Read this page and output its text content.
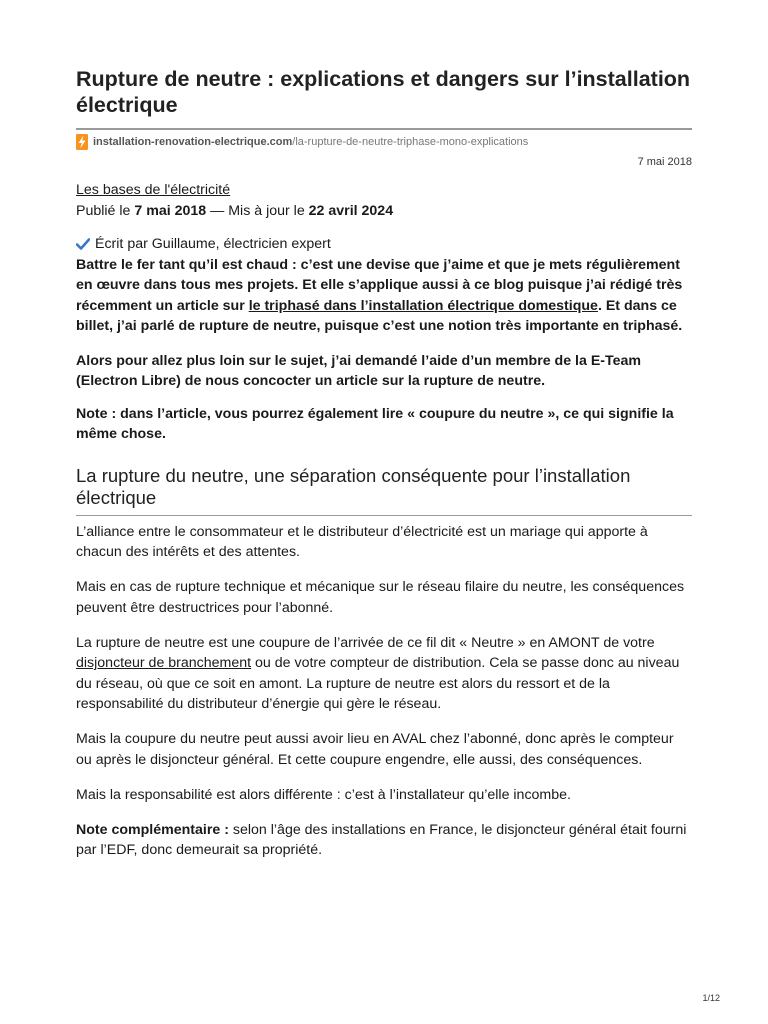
Rupture de neutre : explications et dangers sur l’installation électrique
installation-renovation-electrique.com /la-rupture-de-neutre-triphase-mono-explications
7 mai 2018

Les bases de l'électricité

Publié le 7 mai 2018 — Mis à jour le 22 avril 2024

Écrit par Guillaume, électricien expert

Battre le fer tant qu’il est chaud : c’est une devise que j’aime et que je mets régulièrement en œuvre dans tous mes projets. Et elle s’applique aussi à ce blog puisque j’ai rédigé très récemment un article sur le triphasé dans l’installation électrique domestique. Et dans ce billet, j’ai parlé de rupture de neutre, puisque c’est une notion très importante en triphasé.

Alors pour allez plus loin sur le sujet, j’ai demandé l’aide d’un membre de la E-Team (Electron Libre) de nous concocter un article sur la rupture de neutre.

Note : dans l’article, vous pourrez également lire « coupure du neutre », ce qui signifie la même chose.

La rupture du neutre, une séparation conséquente pour l’installation électrique

L’alliance entre le consommateur et le distributeur d’électricité est un mariage qui apporte à chacun des intérêts et des attentes.

Mais en cas de rupture technique et mécanique sur le réseau filaire du neutre, les conséquences peuvent être destructrices pour l’abonné.

La rupture de neutre est une coupure de l’arrivée de ce fil dit « Neutre » en AMONT de votre disjoncteur de branchement ou de votre compteur de distribution. Cela se passe donc au niveau du réseau, où que ce soit en amont. La rupture de neutre est alors du ressort et de la responsabilité du distributeur d’énergie qui gère le réseau.

Mais la coupure du neutre peut aussi avoir lieu en AVAL chez l’abonné, donc après le compteur ou après le disjoncteur général. Et cette coupure engendre, elle aussi, des conséquences.

Mais la responsabilité est alors différente : c’est à l’installateur qu’elle incombe.

Note complémentaire : selon l’âge des installations en France, le disjoncteur général était fourni par l’EDF, donc demeurait sa propriété.

1/12
